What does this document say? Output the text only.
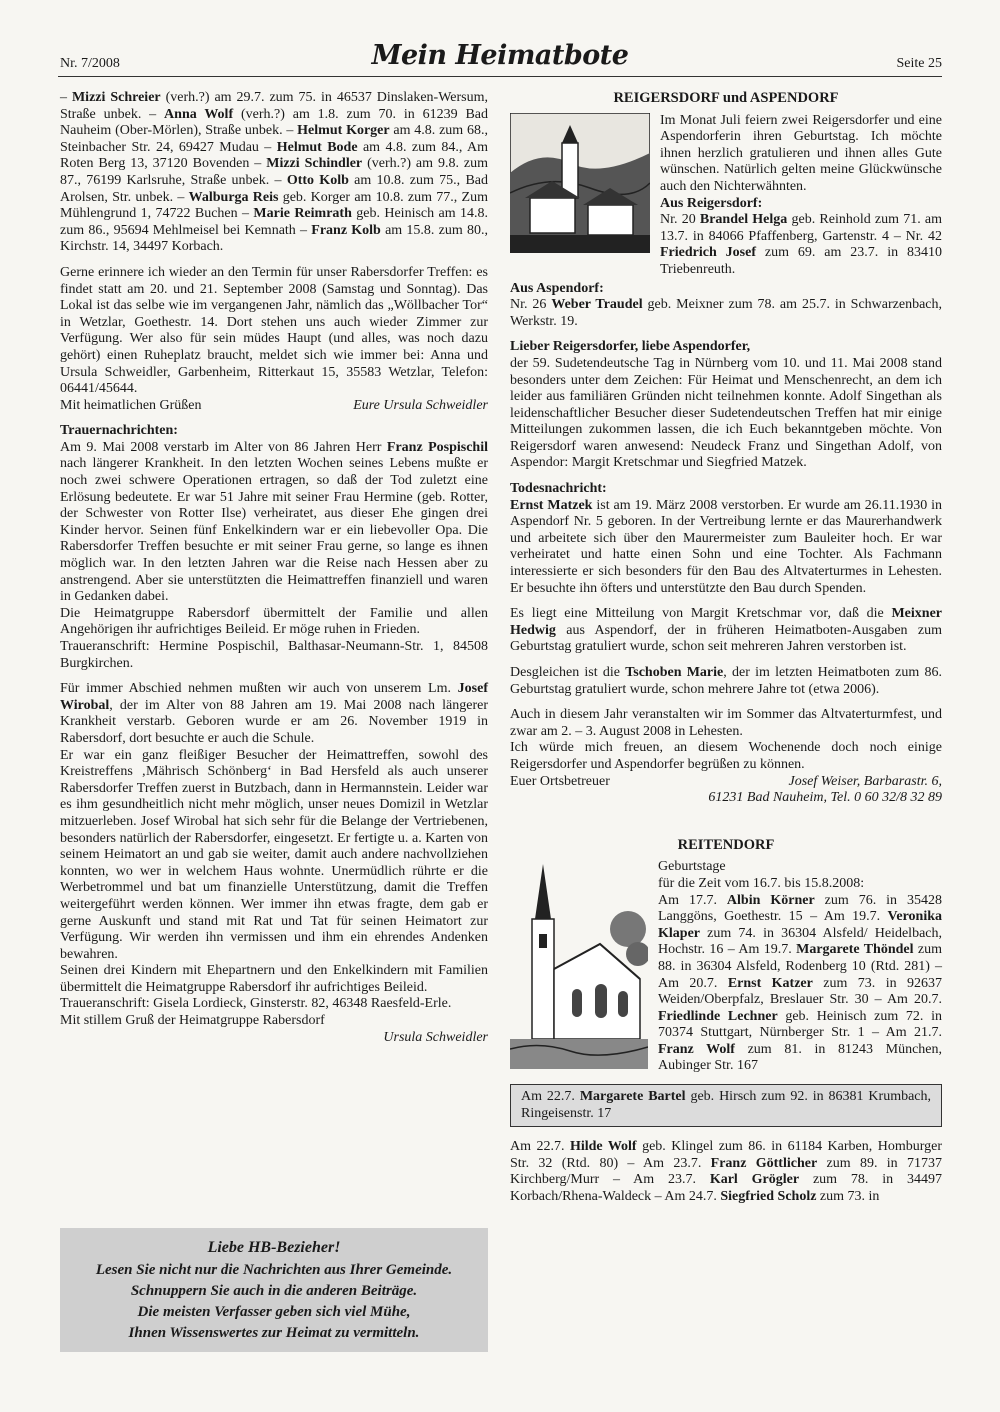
Nr. 7/2008	Mein Heimatbote	Seite 25

– Mizzi Schreier (verh.?) am 29.7. zum 75. in 46537 Dinslaken-Wersum, Straße unbek. – Anna Wolf (verh.?) am 1.8. zum 70. in 61239 Bad Nauheim (Ober-Mörlen), Straße unbek. – Helmut Korger am 4.8. zum 68., Steinbacher Str. 24, 69427 Mudau – Helmut Bode am 4.8. zum 84., Am Roten Berg 13, 37120 Bovenden – Mizzi Schindler (verh.?) am 9.8. zum 87., 76199 Karlsruhe, Straße unbek. – Otto Kolb am 10.8. zum 75., Bad Arolsen, Str. unbek. – Walburga Reis geb. Korger am 10.8. zum 77., Zum Mühlengrund 1, 74722 Buchen – Marie Reimrath geb. Heinisch am 14.8. zum 86., 95694 Mehlmeisel bei Kemnath – Franz Kolb am 15.8. zum 80., Kirchstr. 14, 34497 Korbach.

Gerne erinnere ich wieder an den Termin für unser Rabersdorfer Treffen: es findet statt am 20. und 21. September 2008 (Samstag und Sonntag). Das Lokal ist das selbe wie im vergangenen Jahr, nämlich das „Wöllbacher Tor“ in Wetzlar, Goethestr. 14. Dort stehen uns auch wieder Zimmer zur Verfügung. Wer also für sein müdes Haupt (und alles, was noch dazu gehört) einen Ruheplatz braucht, meldet sich wie immer bei: Anna und Ursula Schweidler, Garbenheim, Ritterkaut 15, 35583 Wetzlar, Telefon: 06441/45644.

Mit heimatlichen Grüßen	Eure Ursula Schweidler
Trauernachrichten:
Am 9. Mai 2008 verstarb im Alter von 86 Jahren Herr Franz Pospischil nach längerer Krankheit. In den letzten Wochen seines Lebens mußte er noch zwei schwere Operationen ertragen, so daß der Tod zuletzt eine Erlösung bedeutete. Er war 51 Jahre mit seiner Frau Hermine (geb. Rotter, der Schwester von Rotter Ilse) verheiratet, aus dieser Ehe gingen drei Kinder hervor. Seinen fünf Enkelkindern war er ein liebevoller Opa. Die Rabersdorfer Treffen besuchte er mit seiner Frau gerne, so lange es ihnen möglich war. In den letzten Jahren war die Reise nach Hessen aber zu anstrengend. Aber sie unterstützten die Heimattreffen finanziell und waren in Gedanken dabei.
Die Heimatgruppe Rabersdorf übermittelt der Familie und allen Angehörigen ihr aufrichtiges Beileid. Er möge ruhen in Frieden.

Traueranschrift: Hermine Pospischil, Balthasar-Neumann-Str. 1, 84508 Burgkirchen.

Für immer Abschied nehmen mußten wir auch von unserem Lm. Josef Wirobal, der im Alter von 88 Jahren am 19. Mai 2008 nach längerer Krankheit verstarb. Geboren wurde er am 26. November 1919 in Rabersdorf, dort besuchte er auch die Schule.
Er war ein ganz fleißiger Besucher der Heimattreffen, sowohl des Kreistreffens ‚Mährisch Schönberg‘ in Bad Hersfeld als auch unserer Rabersdorfer Treffen zuerst in Butzbach, dann in Hermannstein. Leider war es ihm gesundheitlich nicht mehr möglich, unser neues Domizil in Wetzlar mitzuerleben. Josef Wirobal hat sich sehr für die Belange der Vertriebenen, besonders natürlich der Rabersdorfer, eingesetzt. Er fertigte u. a. Karten von seinem Heimatort an und gab sie weiter, damit auch andere nachvollziehen konnten, wo wer in welchem Haus wohnte. Unermüdlich rührte er die Werbetrommel und bat um finanzielle Unterstützung, damit die Treffen weitergeführt werden können. Wer immer ihn etwas fragte, dem gab er gerne Auskunft und stand mit Rat und Tat für seinen Heimatort zur Verfügung. Wir werden ihn vermissen und ihm ein ehrendes Andenken bewahren.
Seinen drei Kindern mit Ehepartnern und den Enkelkindern mit Familien übermittelt die Heimatgruppe Rabersdorf ihr aufrichtiges Beileid.
Traueranschrift: Gisela Lordieck, Ginsterstr. 82, 46348 Raesfeld-Erle.
Mit stillem Gruß der Heimatgruppe Rabersdorf
Ursula Schweidler
Liebe HB-Bezieher!
Lesen Sie nicht nur die Nachrichten aus Ihrer Gemeinde.
Schnuppern Sie auch in die anderen Beiträge.
Die meisten Verfasser geben sich viel Mühe,
Ihnen Wissenswertes zur Heimat zu vermitteln.
REIGERSDORF und ASPENDORF
Im Monat Juli feiern zwei Reigersdorfer und eine Aspendorferin ihren Geburtstag. Ich möchte ihnen herzlich gratulieren und ihnen alles Gute wünschen. Natürlich gelten meine Glückwünsche auch den Nichterwähnten.
Aus Reigersdorf:
Nr. 20 Brandel Helga geb. Reinhold zum 71. am 13.7. in 84066 Pfaffenberg, Gartenstr. 4 – Nr. 42 Friedrich Josef zum 69. am 23.7. in 83410 Triebenreuth.
Aus Aspendorf:

Nr. 26 Weber Traudel geb. Meixner zum 78. am 25.7. in Schwarzenbach, Werkstr. 19.

Lieber Reigersdorfer, liebe Aspendorfer,

der 59. Sudetendeutsche Tag in Nürnberg vom 10. und 11. Mai 2008 stand besonders unter dem Zeichen: Für Heimat und Menschenrecht, an dem ich leider aus familiären Gründen nicht teilnehmen konnte. Adolf Singethan als leidenschaftlicher Besucher dieser Sudetendeutschen Treffen hat mir einige Mitteilungen zukommen lassen, die ich Euch bekanntgeben möchte. Von Reigersdorf waren anwesend: Neudeck Franz und Singethan Adolf, von Aspendor: Margit Kretschmar und Siegfried Matzek.

Todesnachricht:

Ernst Matzek ist am 19. März 2008 verstorben. Er wurde am 26.11.1930 in Aspendorf Nr. 5 geboren. In der Vertreibung lernte er das Maurerhandwerk und arbeitete sich über den Maurermeister zum Bauleiter hoch. Er war verheiratet und hatte einen Sohn und eine Tochter. Als Fachmann interessierte er sich besonders für den Bau des Altvaterturmes in Lehesten. Er besuchte ihn öfters und unterstützte den Bau durch Spenden.

Es liegt eine Mitteilung von Margit Kretschmar vor, daß die Meixner Hedwig aus Aspendorf, der in früheren Heimatboten-Ausgaben zum Geburtstag gratuliert wurde, schon seit mehreren Jahren verstorben ist.

Desgleichen ist die Tschoben Marie, der im letzten Heimatboten zum 86. Geburtstag gratuliert wurde, schon mehrere Jahre tot (etwa 2006).

Auch in diesem Jahr veranstalten wir im Sommer das Altvaterturmfest, und zwar am 2. – 3. August 2008 in Lehesten.
Ich würde mich freuen, an diesem Wochenende doch noch einige Reigersdorfer und Aspendorfer begrüßen zu können.
Euer Ortsbetreuer	Josef Weiser, Barbarastr. 6,
61231 Bad Nauheim, Tel. 0 60 32/8 32 89
REITENDORF
Geburtstage
für die Zeit vom 16.7. bis 15.8.2008:

Am 17.7. Albin Körner zum 76. in 35428 Langgöns, Goethestr. 15 – Am 19.7. Veronika Klaper zum 74. in 36304 Alsfeld/ Heidelbach, Hochstr. 16 – Am 19.7. Margarete Thöndel zum 88. in 36304 Alsfeld, Rodenberg 10 (Rtd. 281) – Am 20.7. Ernst Katzer zum 73. in 92637 Weiden/Oberpfalz, Breslauer Str. 30 – Am 20.7. Friedlinde Lechner geb. Heinisch zum 72. in 70374 Stuttgart, Nürnberger Str. 1 – Am 21.7. Franz Wolf zum 81. in 81243 München, Aubinger Str. 167

Am 22.7. Margarete Bartel geb. Hirsch zum 92. in 86381 Krumbach, Ringeisenstr. 17
Am 22.7. Hilde Wolf geb. Klingel zum 86. in 61184 Karben, Homburger Str. 32 (Rtd. 80) – Am 23.7. Franz Göttlicher zum 89. in 71737 Kirchberg/Murr – Am 23.7. Karl Grögler zum 78. in 34497 Korbach/Rhena-Waldeck – Am 24.7. Siegfried Scholz zum 73. in
